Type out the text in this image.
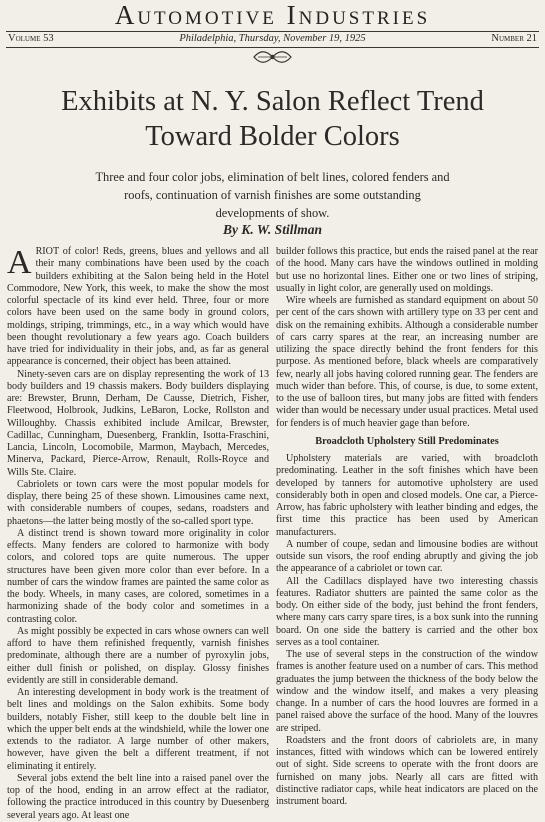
Automotive Industries
Volume 53	Philadelphia, Thursday, November 19, 1925	Number 21
Exhibits at N. Y. Salon Reflect Trend
Toward Bolder Colors
Three and four color jobs, elimination of belt lines, colored fenders and roofs, continuation of varnish finishes are some outstanding developments of show.
By K. W. Stillman

ARIOT of color! Reds, greens, blues and yellows and all their many combinations have been used by the coach builders exhibiting at the Salon being held in the Hotel Commodore, New York, this week, to make the show the most colorful spectacle of its kind ever held. Three, four or more colors have been used on the same body in ground colors, moldings, striping, trimmings, etc., in a way which would have been thought revolutionary a few years ago. Coach builders have tried for individuality in their jobs, and, as far as general appearance is concerned, their object has been attained.

Ninety-seven cars are on display representing the work of 13 body builders and 19 chassis makers. Body builders displaying are: Brewster, Brunn, Derham, De Causse, Dietrich, Fisher, Fleetwood, Holbrook, Judkins, LeBaron, Locke, Rollston and Willoughby. Chassis exhibited include Amilcar, Brewster, Cadillac, Cunningham, Duesenberg, Franklin, Isotta-Fraschini, Lancia, Lincoln, Locomobile, Marmon, Maybach, Mercedes, Minerva, Packard, Pierce-Arrow, Renault, Rolls-Royce and Wills Ste. Claire.

Cabriolets or town cars were the most popular models for display, there being 25 of these shown. Limousines came next, with considerable numbers of coupes, sedans, roadsters and phaetons—the latter being mostly of the so-called sport type.

A distinct trend is shown toward more originality in color effects. Many fenders are colored to harmonize with body colors, and colored tops are quite numerous. The upper structures have been given more color than ever before. In a number of cars the window frames are painted the same color as the body. Wheels, in many cases, are colored, sometimes in a harmonizing shade of the body color and sometimes in a contrasting color.

As might possibly be expected in cars whose owners can well afford to have them refinished frequently, varnish finishes predominate, although there are a number of pyroxylin jobs, either dull finish or polished, on display. Glossy finishes evidently are still in considerable demand.

An interesting development in body work is the treatment of belt lines and moldings on the Salon exhibits. Some body builders, notably Fisher, still keep to the double belt line in which the upper belt ends at the windshield, while the lower one extends to the radiator. A large number of other makers, however, have given the belt a different treatment, if not eliminating it entirely.

Several jobs extend the belt line into a raised panel over the top of the hood, ending in an arrow effect at the radiator, following the practice introduced in this country by Duesenberg several years ago. At least one

builder follows this practice, but ends the raised panel at the rear of the hood. Many cars have the windows outlined in molding but use no horizontal lines. Either one or two lines of striping, usually in light color, are generally used on moldings.

Wire wheels are furnished as standard equipment on about 50 per cent of the cars shown with artillery type on 33 per cent and disk on the remaining exhibits. Although a considerable number of cars carry spares at the rear, an increasing number are utilizing the space directly behind the front fenders for this purpose. As mentioned before, black wheels are comparatively few, nearly all jobs having colored running gear. The fenders are much wider than before. This, of course, is due, to some extent, to the use of balloon tires, but many jobs are fitted with fenders wider than would be necessary under usual practices. Metal used for fenders is of much heavier gage than before.

Broadcloth Upholstery Still Predominates

Upholstery materials are varied, with broadcloth predominating. Leather in the soft finishes which have been developed by tanners for automotive upholstery are used considerably both in open and closed models. One car, a Pierce-Arrow, has fabric upholstery with leather binding and edges, the first time this practice has been used by American manufacturers.

A number of coupe, sedan and limousine bodies are without outside sun visors, the roof ending abruptly and giving the job the appearance of a cabriolet or town car.

All the Cadillacs displayed have two interesting chassis features. Radiator shutters are painted the same color as the body. On either side of the body, just behind the front fenders, where many cars carry spare tires, is a box sunk into the running board. On one side the battery is carried and the other box serves as a tool container.

The use of several steps in the construction of the window frames is another feature used on a number of cars. This method graduates the jump between the thickness of the body below the window and the window itself, and makes a very pleasing change. In a number of cars the hood louvres are formed in a panel raised above the surface of the hood. Many of the louvres are striped.

Roadsters and the front doors of cabriolets are, in many instances, fitted with windows which can be lowered entirely out of sight. Side screens to operate with the front doors are furnished on many jobs. Nearly all cars are fitted with distinctive radiator caps, while heat indicators are placed on the instrument board.
